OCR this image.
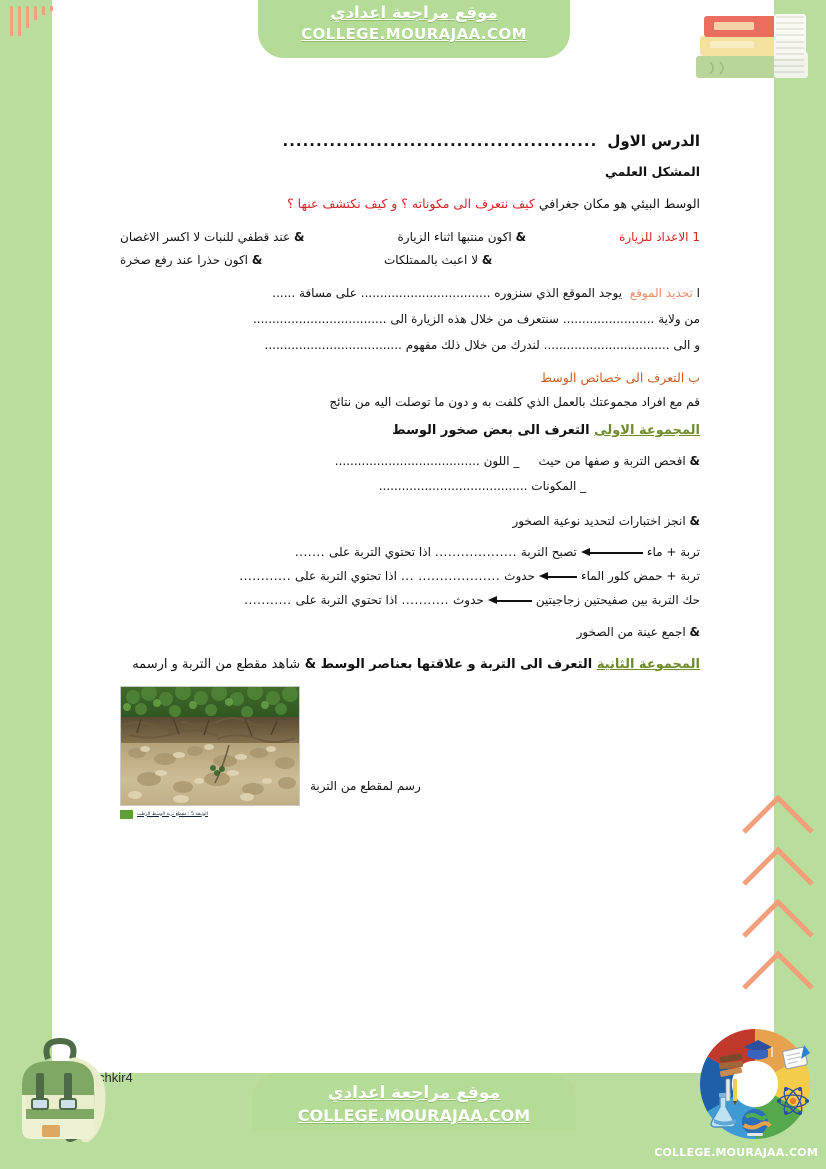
موقع مراجعة اعدادي
COLLEGE.MOURAJAA.COM
الدرس الاول
...............................................
المشكل العلمي
الوسط البيئي هو مكان جغرافي كيف نتعرف الى مكوناته ؟ و كيف نكتشف عنها ؟
1 الاعداد للزيارة
& اكون منتبها اثناء الزيارة
& عند قطفي للنبات لا اكسر الاغصان
& لا اعبث بالممتلكات
& اكون حذرا عند رفع صخرة
ا تحديد الموقع  يوجد الموقع الذي سنزوره .................................. على مسافة ......
من ولاية ........................ سنتعرف من خلال هذه الزيارة الى ...................................
و الى ................................. لندرك من خلال ذلك مفهوم ....................................
ب التعرف الى خصائص الوسط
قم مع افراد مجموعتك بالعمل الذي كلفت به و دون ما توصلت اليه من نتائج
المجموعة الاولى التعرف الى بعض صخور الوسط
& افحص التربة و صفها من حيث     _ اللون ......................................
_ المكونات .......................................
& انجز اختبارات لتحديد نوعية الصخور
تربة + ماء
تصبح التربة
...................
اذا تحتوي التربة على
.......
تربة + حمض كلور الماء
حدوث
................... ...
اذا تحتوي التربة على
............
حك التربة بين صفيحتين زجاجيتين
حدوث
...........
اذا تحتوي التربة على
...........
& اجمع عينة من الصخور
المجموعة الثانية التعرف الى التربة و علاقتها بعناصر الوسط & شاهد مقطع من التربة و ارسمه
رسم لمقطع من التربة
الوثيقة 5 : مقطع تربة الوسط الرطب
موقع مراجعة اعدادي
COLLEGE.MOURAJAA.COM
COLLEGE.MOURAJAA.COM
chkir4
